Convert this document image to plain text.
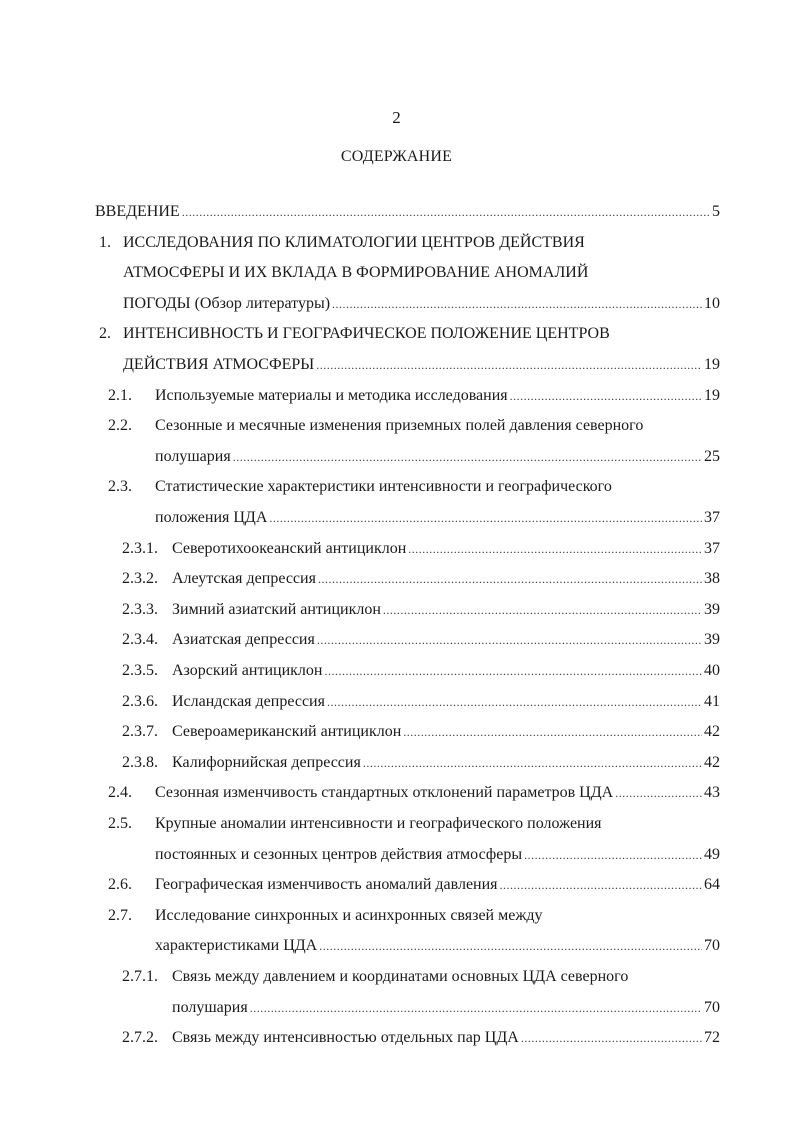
2
СОДЕРЖАНИЕ
ВВЕДЕНИЕ .....	5
1. ИССЛЕДОВАНИЯ ПО КЛИМАТОЛОГИИ ЦЕНТРОВ ДЕЙСТВИЯ
АТМОСФЕРЫ И ИХ ВКЛАДА В ФОРМИРОВАНИЕ АНОМАЛИЙ
ПОГОДЫ (Обзор литературы) .....	10
2. ИНТЕНСИВНОСТЬ И ГЕОГРАФИЧЕСКОЕ ПОЛОЖЕНИЕ ЦЕНТРОВ
ДЕЙСТВИЯ АТМОСФЕРЫ .....	19
2.1. Используемые материалы и методика исследования .....	19
2.2. Сезонные и месячные изменения приземных полей давления северного
полушария .....	25
2.3. Статистические характеристики интенсивности и географического
положения ЦДА .....	37
2.3.1. Северотихоокеанский антициклон .....	37
2.3.2. Алеутская депрессия .....	38
2.3.3. Зимний азиатский антициклон .....	39
2.3.4. Азиатская депрессия .....	39
2.3.5. Азорский антициклон .....	40
2.3.6. Исландская депрессия .....	41
2.3.7. Североамериканский антициклон .....	42
2.3.8. Калифорнийская депрессия .....	42
2.4. Сезонная изменчивость стандартных отклонений параметров ЦДА .....	43
2.5. Крупные аномалии интенсивности и географического положения
постоянных и сезонных центров действия атмосферы .....	49
2.6. Географическая изменчивость аномалий давления .....	64
2.7. Исследование синхронных и асинхронных связей между
характеристиками ЦДА .....	70
2.7.1. Связь между давлением и координатами основных ЦДА северного
полушария .....	70
2.7.2. Связь между интенсивностью отдельных пар ЦДА .....	72
